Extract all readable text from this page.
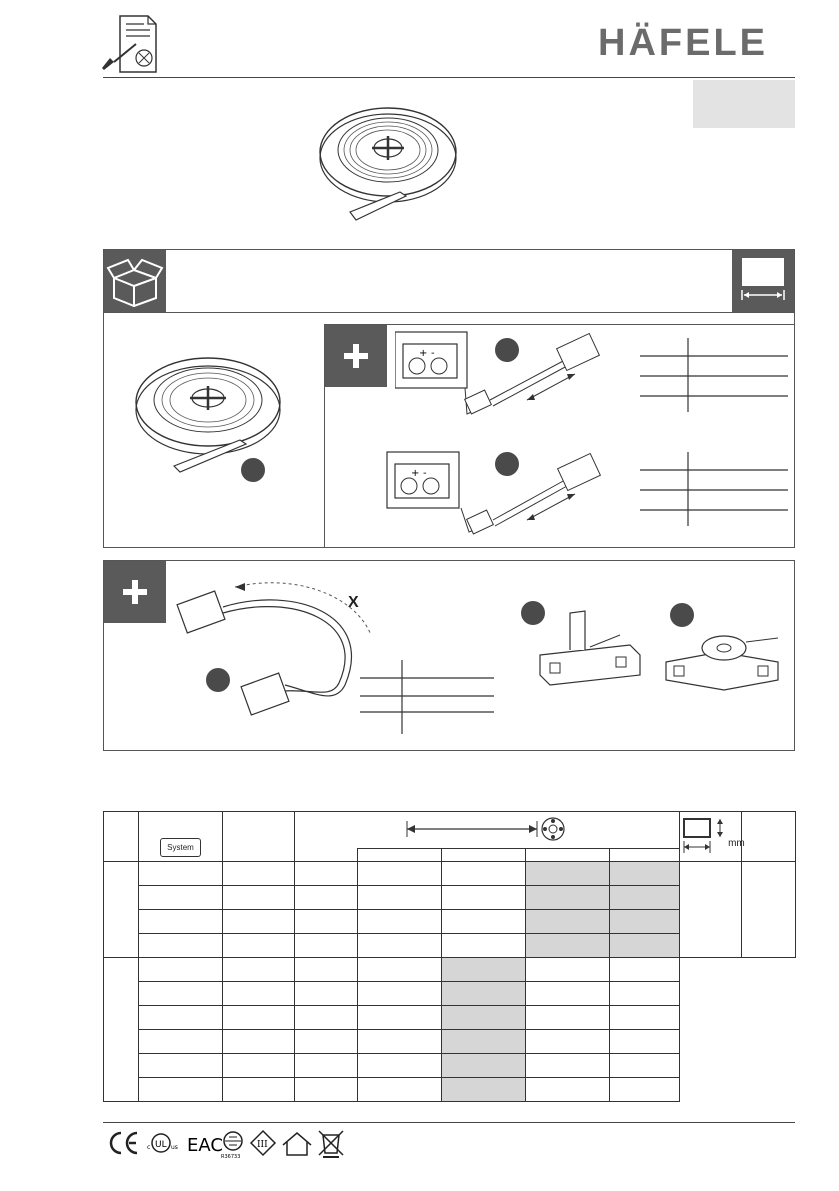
HÄFELE
+ -
+ -
X
	System							mm	

UL
c	us EAC
R36733
III
